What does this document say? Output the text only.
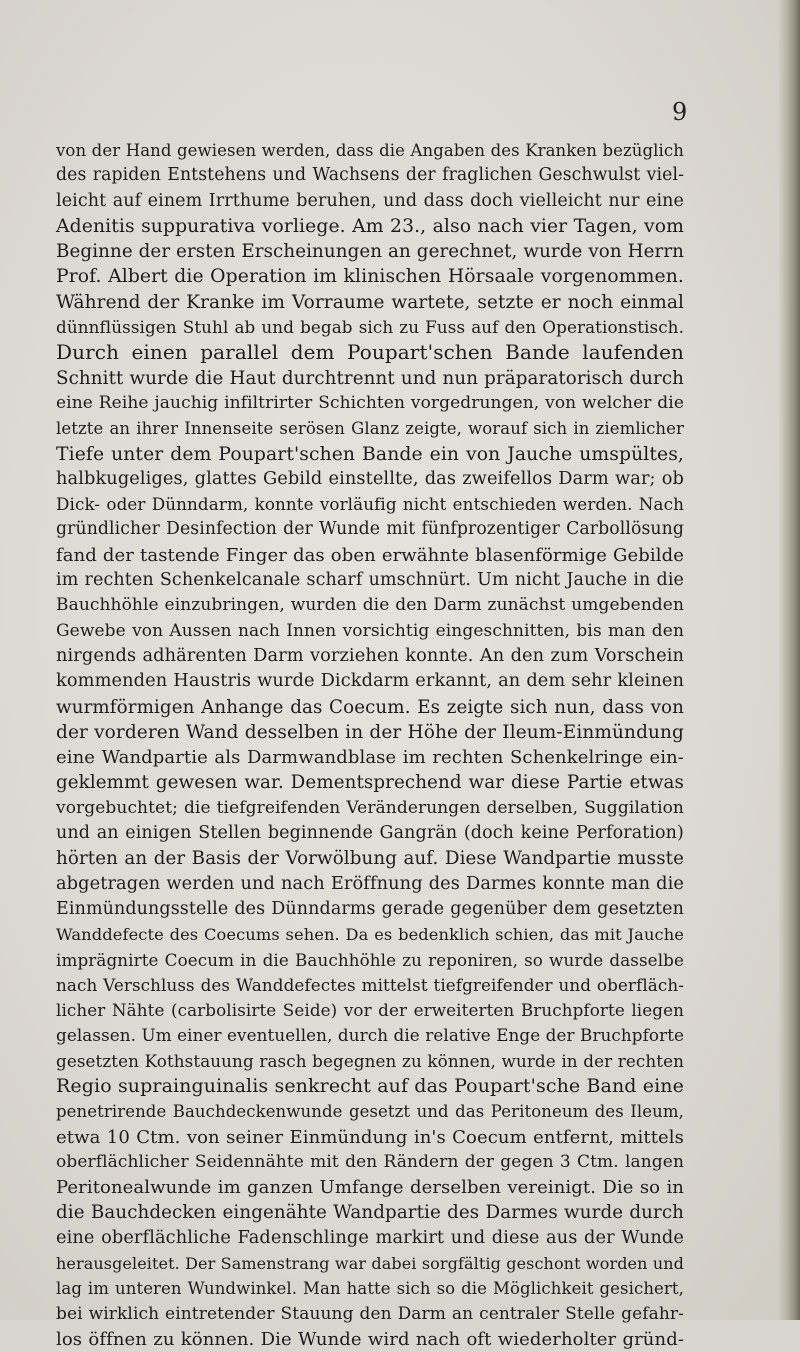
9
von der Hand gewiesen werden, dass die Angaben des Kranken bezüglich
des rapiden Entstehens und Wachsens der fraglichen Geschwulst viel-
leicht auf einem Irrthume beruhen, und dass doch vielleicht nur eine
Adenitis suppurativa vorliege. Am 23., also nach vier Tagen, vom
Beginne der ersten Erscheinungen an gerechnet, wurde von Herrn
Prof. Albert die Operation im klinischen Hörsaale vorgenommen.
Während der Kranke im Vorraume wartete, setzte er noch einmal
dünnflüssigen Stuhl ab und begab sich zu Fuss auf den Operationstisch.
Durch einen parallel dem Poupart'schen Bande laufenden
Schnitt wurde die Haut durchtrennt und nun präparatorisch durch
eine Reihe jauchig infiltrirter Schichten vorgedrungen, von welcher die
letzte an ihrer Innenseite serösen Glanz zeigte, worauf sich in ziemlicher
Tiefe unter dem Poupart'schen Bande ein von Jauche umspültes,
halbkugeliges, glattes Gebild einstellte, das zweifellos Darm war; ob
Dick- oder Dünndarm, konnte vorläufig nicht entschieden werden. Nach
gründlicher Desinfection der Wunde mit fünfprozentiger Carbollösung
fand der tastende Finger das oben erwähnte blasenförmige Gebilde
im rechten Schenkelcanale scharf umschnürt. Um nicht Jauche in die
Bauchhöhle einzubringen, wurden die den Darm zunächst umgebenden
Gewebe von Aussen nach Innen vorsichtig eingeschnitten, bis man den
nirgends adhärenten Darm vorziehen konnte. An den zum Vorschein
kommenden Haustris wurde Dickdarm erkannt, an dem sehr kleinen
wurmförmigen Anhange das Coecum. Es zeigte sich nun, dass von
der vorderen Wand desselben in der Höhe der Ileum-Einmündung
eine Wandpartie als Darmwandblase im rechten Schenkelringe ein-
geklemmt gewesen war. Dementsprechend war diese Partie etwas
vorgebuchtet; die tiefgreifenden Veränderungen derselben, Suggilation
und an einigen Stellen beginnende Gangrän (doch keine Perforation)
hörten an der Basis der Vorwölbung auf. Diese Wandpartie musste
abgetragen werden und nach Eröffnung des Darmes konnte man die
Einmündungsstelle des Dünndarms gerade gegenüber dem gesetzten
Wanddefecte des Coecums sehen. Da es bedenklich schien, das mit Jauche
imprägnirte Coecum in die Bauchhöhle zu reponiren, so wurde dasselbe
nach Verschluss des Wanddefectes mittelst tiefgreifender und oberfläch-
licher Nähte (carbolisirte Seide) vor der erweiterten Bruchpforte liegen
gelassen. Um einer eventuellen, durch die relative Enge der Bruchpforte
gesetzten Kothstauung rasch begegnen zu können, wurde in der rechten
Regio suprainguinalis senkrecht auf das Poupart'sche Band eine
penetrirende Bauchdeckenwunde gesetzt und das Peritoneum des Ileum,
etwa 10 Ctm. von seiner Einmündung in's Coecum entfernt, mittels
oberflächlicher Seidennähte mit den Rändern der gegen 3 Ctm. langen
Peritonealwunde im ganzen Umfange derselben vereinigt. Die so in
die Bauchdecken eingenähte Wandpartie des Darmes wurde durch
eine oberflächliche Fadenschlinge markirt und diese aus der Wunde
herausgeleitet. Der Samenstrang war dabei sorgfältig geschont worden und
lag im unteren Wundwinkel. Man hatte sich so die Möglichkeit gesichert,
bei wirklich eintretender Stauung den Darm an centraler Stelle gefahr-
los öffnen zu können. Die Wunde wird nach oft wiederholter gründ-
